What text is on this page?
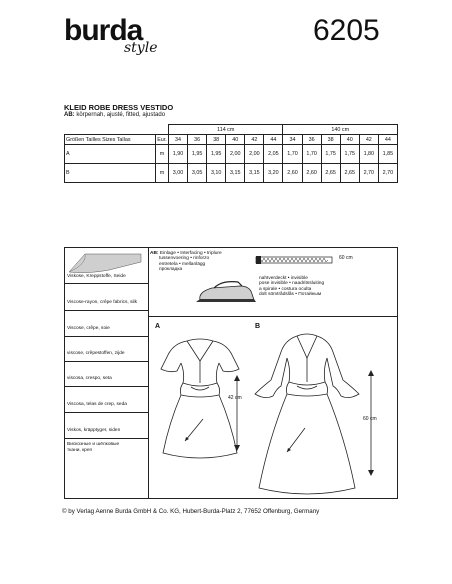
burda
style
6205
KLEID ROBE DRESS VESTIDO
AB: körpernah, ajusté, fitted, ajustado
		114 cm						140 cm					
Größen Tailles Sizes Tallas	Eur.	34	36	38	40	42	44	34	36	38	40	42	44
A	m	1,90	1,95	1,95	2,00	2,00	2,05	1,70	1,70	1,75	1,75	1,80	1,85
B	m	3,00	3,05	3,10	3,15	3,15	3,20	2,60	2,60	2,65	2,65	2,70	2,70
Viskose, Kreppstoffe, Seide
Viscose-rayon, crêpe fabrics, silk
Viscose, crêpe, soie
viscose, crêpestoffen, zijde
viscosa, crespo, seta
Viscosa, telas de crep, seda
Viskos, kräpptyger, siden
Вискозные и шёлковые ткани, креп
AB: Einlage • Interfacing • triplure
tussenvoering • rinforzo
entretela • mellanlägg
прокладка
60 cm
nahtverdeckt • invisible
pose invisible • naadritssluiting
a spirale • costura oculta
dolt sömtrådslås • Потайным
A	B
42 cm
60 cm
© by Verlag Aenne Burda GmbH & Co. KG, Hubert-Burda-Platz 2, 77652 Offenburg, Germany
